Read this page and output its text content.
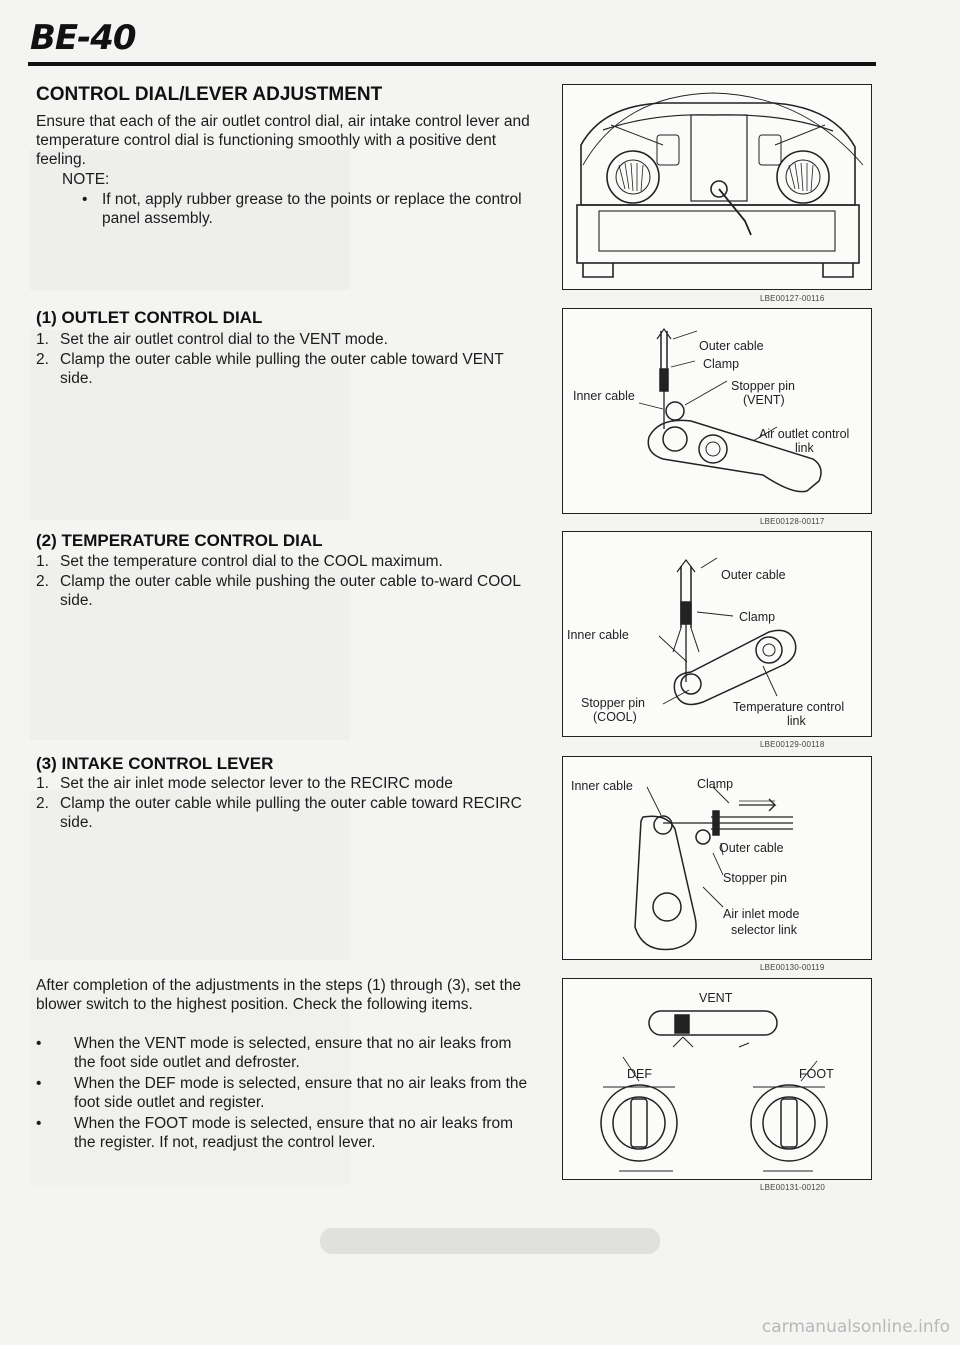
BE-40
CONTROL DIAL/LEVER ADJUSTMENT

Ensure that each of the air outlet control dial, air intake control lever and temperature control dial is functioning smoothly with a positive dent feeling.

NOTE:
• If not, apply rubber grease to the points or replace the control panel assembly.
LBE00127-00116
(1) OUTLET CONTROL DIAL
1. Set the air outlet control dial to the VENT mode.
2. Clamp the outer cable while pulling the outer cable toward VENT side.
Outer cable
Clamp
Stopper pin
(VENT)
Inner cable
Air outlet control
link
LBE00128-00117
(2) TEMPERATURE CONTROL DIAL
1. Set the temperature control dial to the COOL maximum.
2. Clamp the outer cable while pushing the outer cable to-ward COOL side.
Outer cable
Clamp
Inner cable
Stopper pin
(COOL)
Temperature control
link
LBE00129-00118
(3) INTAKE CONTROL LEVER
1. Set the air inlet mode selector lever to the RECIRC mode
2. Clamp the outer cable while pulling the outer cable toward RECIRC side.
Inner cable	Clamp
Outer cable
Stopper pin
Air inlet mode
selector link
LBE00130-00119

After completion of the adjustments in the steps (1) through (3), set the blower switch to the highest position. Check the following items.

•	When the VENT mode is selected, ensure that no air leaks from the foot side outlet and defroster.
•	When the DEF mode is selected, ensure that no air leaks from the foot side outlet and register.
•	When the FOOT mode is selected, ensure that no air leaks from the register. If not, readjust the control lever.
VENT
DEF	FOOT
LBE00131-00120
carmanualsonline.info
